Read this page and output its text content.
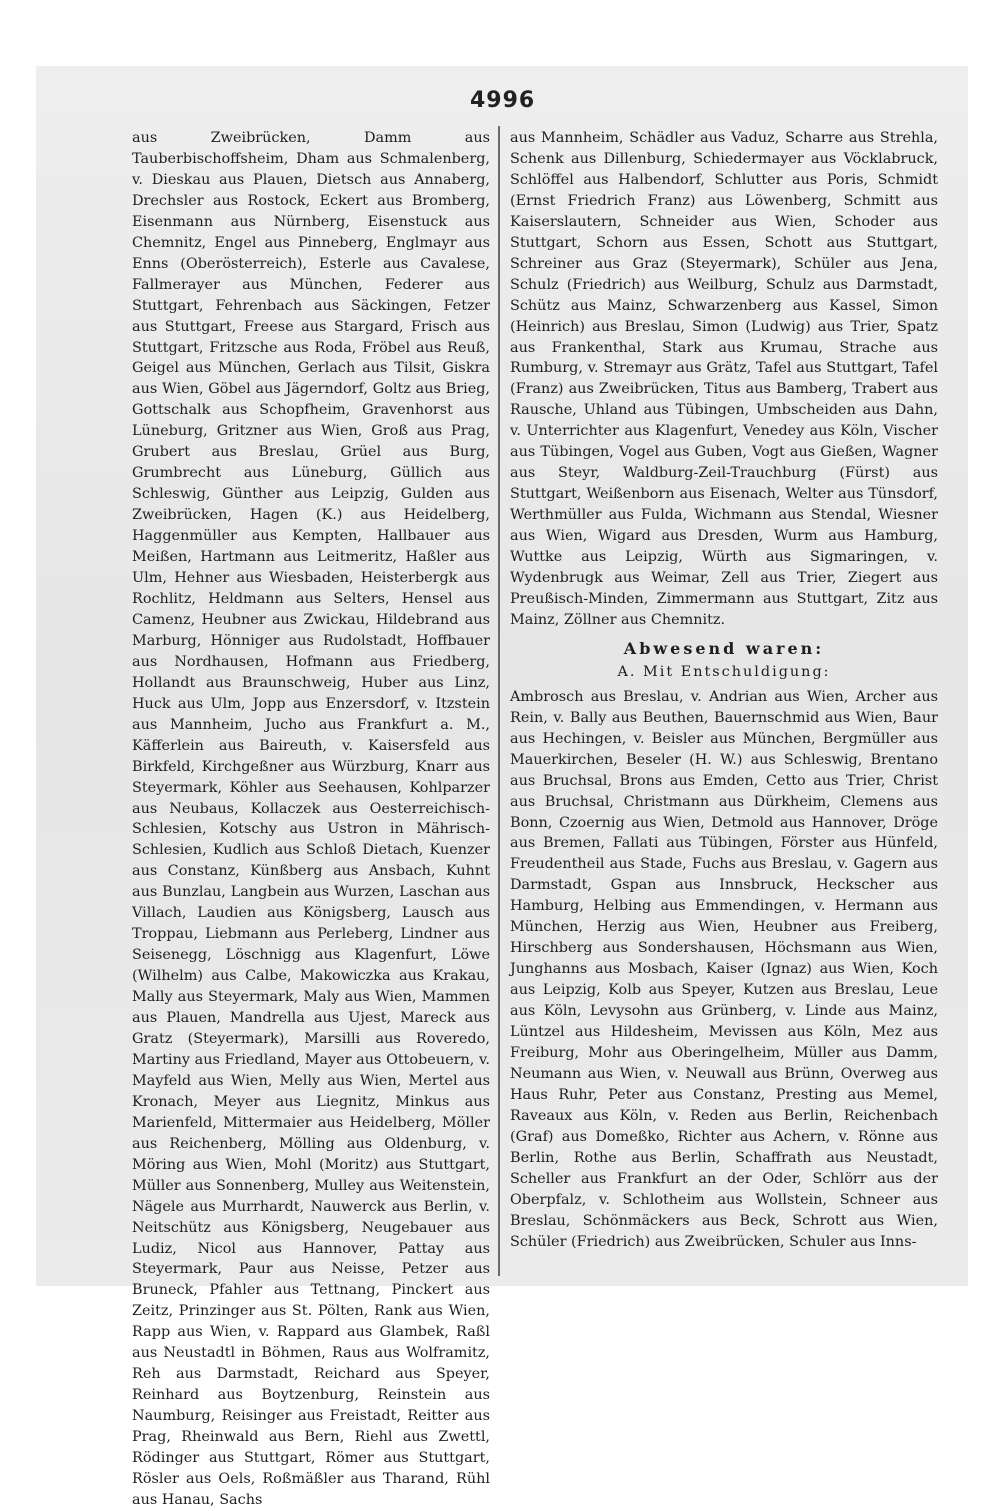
4996

aus Zweibrücken, Damm aus Tauberbischoffsheim, Dham aus Schmalenberg, v. Dieskau aus Plauen, Dietsch aus Annaberg, Drechsler aus Rostock, Eckert aus Bromberg, Eisenmann aus Nürnberg, Eisenstuck aus Chemnitz, Engel aus Pinneberg, Englmayr aus Enns (Oberösterreich), Esterle aus Cavalese, Fallmerayer aus München, Federer aus Stuttgart, Fehrenbach aus Säckingen, Fetzer aus Stuttgart, Freese aus Stargard, Frisch aus Stuttgart, Fritzsche aus Roda, Fröbel aus Reuß, Geigel aus München, Gerlach aus Tilsit, Giskra aus Wien, Göbel aus Jägerndorf, Goltz aus Brieg, Gottschalk aus Schopfheim, Gravenhorst aus Lüneburg, Gritzner aus Wien, Groß aus Prag, Grubert aus Breslau, Grüel aus Burg, Grumbrecht aus Lüneburg, Güllich aus Schleswig, Günther aus Leipzig, Gulden aus Zweibrücken, Hagen (K.) aus Heidelberg, Haggenmüller aus Kempten, Hallbauer aus Meißen, Hartmann aus Leitmeritz, Haßler aus Ulm, Hehner aus Wiesbaden, Heisterbergk aus Rochlitz, Heldmann aus Selters, Hensel aus Camenz, Heubner aus Zwickau, Hildebrand aus Marburg, Hönniger aus Rudolstadt, Hoffbauer aus Nordhausen, Hofmann aus Friedberg, Hollandt aus Braunschweig, Huber aus Linz, Huck aus Ulm, Jopp aus Enzersdorf, v. Itzstein aus Mannheim, Jucho aus Frankfurt a. M., Käfferlein aus Baireuth, v. Kaisersfeld aus Birkfeld, Kirchgeßner aus Würzburg, Knarr aus Steyermark, Köhler aus Seehausen, Kohlparzer aus Neubaus, Kollaczek aus Oesterreichisch-Schlesien, Kotschy aus Ustron in Mährisch-Schlesien, Kudlich aus Schloß Dietach, Kuenzer aus Constanz, Künßberg aus Ansbach, Kuhnt aus Bunzlau, Langbein aus Wurzen, Laschan aus Villach, Laudien aus Königsberg, Lausch aus Troppau, Liebmann aus Perleberg, Lindner aus Seisenegg, Löschnigg aus Klagenfurt, Löwe (Wilhelm) aus Calbe, Makowiczka aus Krakau, Mally aus Steyermark, Maly aus Wien, Mammen aus Plauen, Mandrella aus Ujest, Mareck aus Gratz (Steyermark), Marsilli aus Roveredo, Martiny aus Friedland, Mayer aus Ottobeuern, v. Mayfeld aus Wien, Melly aus Wien, Mertel aus Kronach, Meyer aus Liegnitz, Minkus aus Marienfeld, Mittermaier aus Heidelberg, Möller aus Reichenberg, Mölling aus Oldenburg, v. Möring aus Wien, Mohl (Moritz) aus Stuttgart, Müller aus Sonnenberg, Mulley aus Weitenstein, Nägele aus Murrhardt, Nauwerck aus Berlin, v. Neitschütz aus Königsberg, Neugebauer aus Ludiz, Nicol aus Hannover, Pattay aus Steyermark, Paur aus Neisse, Petzer aus Bruneck, Pfahler aus Tettnang, Pinckert aus Zeitz, Prinzinger aus St. Pölten, Rank aus Wien, Rapp aus Wien, v. Rappard aus Glambek, Raßl aus Neustadtl in Böhmen, Raus aus Wolframitz, Reh aus Darmstadt, Reichard aus Speyer, Reinhard aus Boytzenburg, Reinstein aus Naumburg, Reisinger aus Freistadt, Reitter aus Prag, Rheinwald aus Bern, Riehl aus Zwettl, Rödinger aus Stuttgart, Römer aus Stuttgart, Rösler aus Oels, Roßmäßler aus Tharand, Rühl aus Hanau, Sachs

aus Mannheim, Schädler aus Vaduz, Scharre aus Strehla, Schenk aus Dillenburg, Schiedermayer aus Vöcklabruck, Schlöffel aus Halbendorf, Schlutter aus Poris, Schmidt (Ernst Friedrich Franz) aus Löwenberg, Schmitt aus Kaiserslautern, Schneider aus Wien, Schoder aus Stuttgart, Schorn aus Essen, Schott aus Stuttgart, Schreiner aus Graz (Steyermark), Schüler aus Jena, Schulz (Friedrich) aus Weilburg, Schulz aus Darmstadt, Schütz aus Mainz, Schwarzenberg aus Kassel, Simon (Heinrich) aus Breslau, Simon (Ludwig) aus Trier, Spatz aus Frankenthal, Stark aus Krumau, Strache aus Rumburg, v. Stremayr aus Grätz, Tafel aus Stuttgart, Tafel (Franz) aus Zweibrücken, Titus aus Bamberg, Trabert aus Rausche, Uhland aus Tübingen, Umbscheiden aus Dahn, v. Unterrichter aus Klagenfurt, Venedey aus Köln, Vischer aus Tübingen, Vogel aus Guben, Vogt aus Gießen, Wagner aus Steyr, Waldburg-Zeil-Trauchburg (Fürst) aus Stuttgart, Weißenborn aus Eisenach, Welter aus Tünsdorf, Werthmüller aus Fulda, Wichmann aus Stendal, Wiesner aus Wien, Wigard aus Dresden, Wurm aus Hamburg, Wuttke aus Leipzig, Würth aus Sigmaringen, v. Wydenbrugk aus Weimar, Zell aus Trier, Ziegert aus Preußisch-Minden, Zimmermann aus Stuttgart, Zitz aus Mainz, Zöllner aus Chemnitz.

Abwesend waren:
A. Mit Entschuldigung:

Ambrosch aus Breslau, v. Andrian aus Wien, Archer aus Rein, v. Bally aus Beuthen, Bauernschmid aus Wien, Baur aus Hechingen, v. Beisler aus München, Bergmüller aus Mauerkirchen, Beseler (H. W.) aus Schleswig, Brentano aus Bruchsal, Brons aus Emden, Cetto aus Trier, Christ aus Bruchsal, Christmann aus Dürkheim, Clemens aus Bonn, Czoernig aus Wien, Detmold aus Hannover, Dröge aus Bremen, Fallati aus Tübingen, Förster aus Hünfeld, Freudentheil aus Stade, Fuchs aus Breslau, v. Gagern aus Darmstadt, Gspan aus Innsbruck, Heckscher aus Hamburg, Helbing aus Emmendingen, v. Hermann aus München, Herzig aus Wien, Heubner aus Freiberg, Hirschberg aus Sondershausen, Höchsmann aus Wien, Junghanns aus Mosbach, Kaiser (Ignaz) aus Wien, Koch aus Leipzig, Kolb aus Speyer, Kutzen aus Breslau, Leue aus Köln, Levysohn aus Grünberg, v. Linde aus Mainz, Lüntzel aus Hildesheim, Mevissen aus Köln, Mez aus Freiburg, Mohr aus Oberingelheim, Müller aus Damm, Neumann aus Wien, v. Neuwall aus Brünn, Overweg aus Haus Ruhr, Peter aus Constanz, Presting aus Memel, Raveaux aus Köln, v. Reden aus Berlin, Reichenbach (Graf) aus Domeßko, Richter aus Achern, v. Rönne aus Berlin, Rothe aus Berlin, Schaffrath aus Neustadt, Scheller aus Frankfurt an der Oder, Schlörr aus der Oberpfalz, v. Schlotheim aus Wollstein, Schneer aus Breslau, Schönmäckers aus Beck, Schrott aus Wien, Schüler (Friedrich) aus Zweibrücken, Schuler aus Inns-
